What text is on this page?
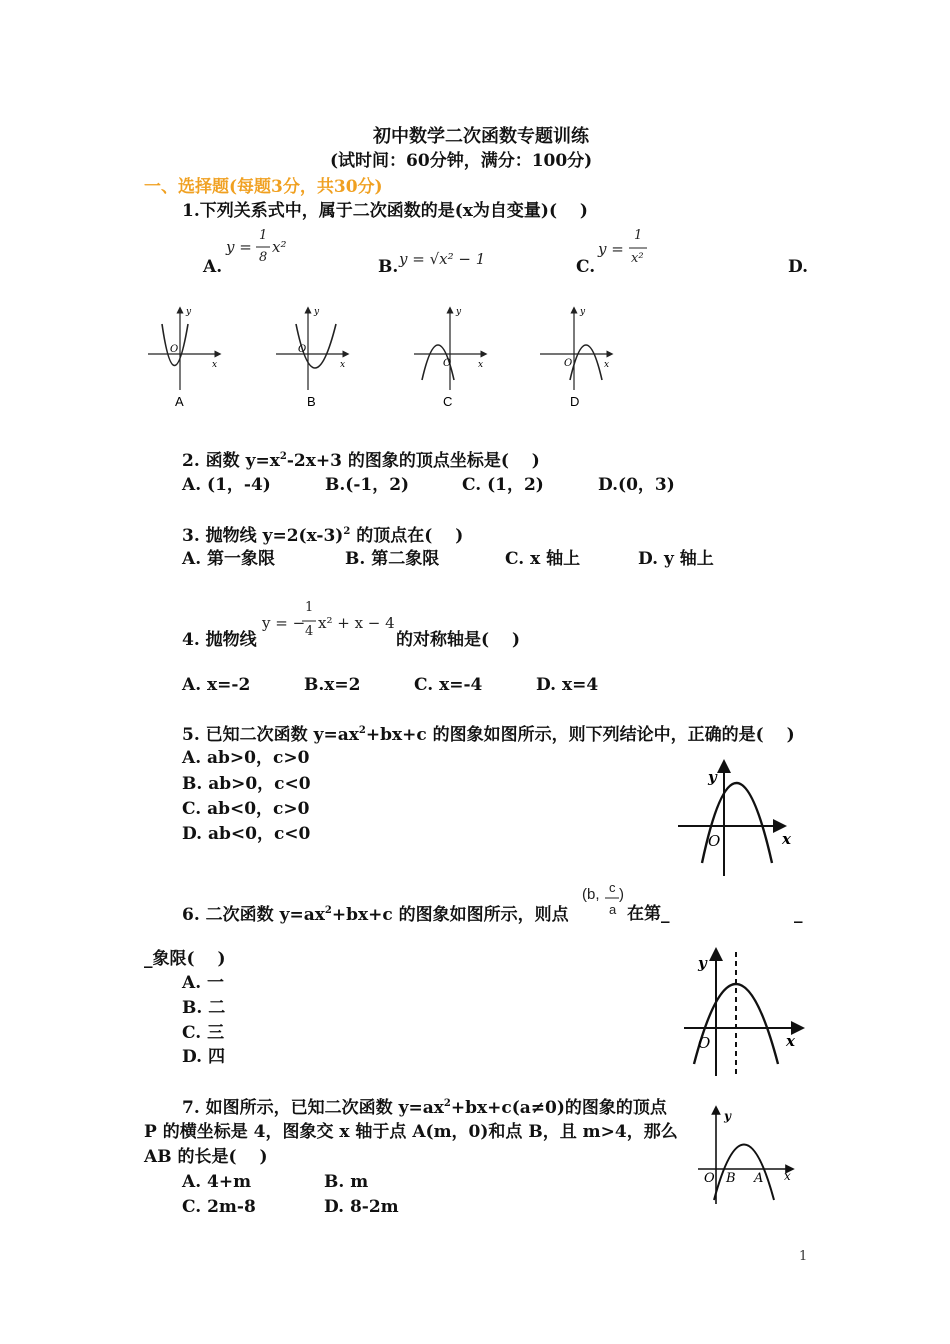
初中数学二次函数专题训练
(试时间：60分钟，满分：100分)
一、选择题(每题3分，共30分)
1.下列关系式中，属于二次函数的是(x为自变量)(　 )
y =
1
8
x²
A.	y = √x² − 1
B.
y =
1
x²
C.	D.
y
x
O
A
y
x
O
B
y
x
O
C
y
x
O
D
2. 函数 $y=x^2-2x+3$ 的图象的顶点坐标是(　 )
A. (1，-4)	B.(-1，2)	C. (1，2)	D.(0，3)
3. 抛物线 $y=2(x-3)^2$ 的顶点在(　 )
A. 第一象限	B. 第二象限	C. x 轴上	D. y 轴上
4. 抛物线
y = −
1
4 x² + x − 4
的对称轴是(　 )
A. x=-2	B.x=2	C. x=-4	D. x=4
5. 已知二次函数 $y=ax^2+bx+c$ 的图象如图所示，则下列结论中，正确的是(　 )
A. ab>0，c>0
B. ab>0，c<0
C. ab<0，c>0
D. ab<0，c<0
y
x
O
6. 二次函数 $y=ax^2+bx+c$ 的图象如图所示，则点
(b, c
a
)
在第_	_
_象限(　 )
A. 一
B. 二
C. 三
D. 四
y
x
O
7. 如图所示，已知二次函数 $y=ax^2+bx+c(a\ne 0)$的图象的顶点
P 的横坐标是 4，图象交 x 轴于点 A(m，0)和点 B，且 m>4，那么
AB 的长是(　 )
A. 4+m	B. m
C. 2m-8	D. 8-2m
y
x
O B A
1
